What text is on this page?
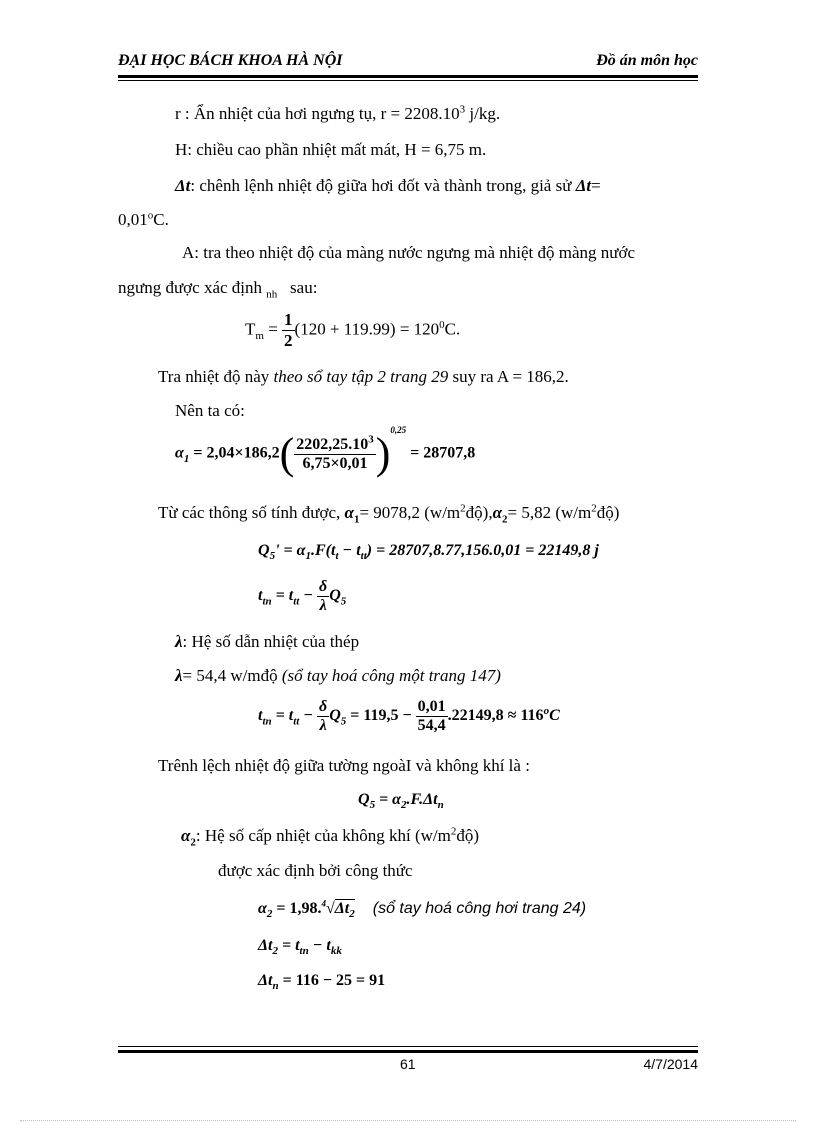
ĐẠI HỌC BÁCH KHOA HÀ NỘI	Đồ án môn học
r : Ẩn nhiệt của hơi ngưng tụ, $r = 2208.10^3$ j/kg.
H: chiều cao phần nhiệt mất mát, H = 6,75 m.
Δt: chênh lệnh nhiệt độ giữa hơi đốt và thành trong, giả sử Δt=
$0,01^oC$.
A: tra theo nhiệt độ của màng nước ngưng mà nhiệt độ màng nước
ngưng được xác định $_{nh}$ sau:
$T_m = \frac{1}{2} (120 + 119.99) = 120^0C$.
Tra nhiệt độ này theo sổ tay tập 2 trang 29 suy ra A = 186,2.
Nên ta có:
$\alpha_1 = 2,04\times 186,2( \frac{2202,25.10^3}{6,75\times 0,01} )^{0,25} = 28707,8$
Từ các thông số tính được, $\alpha_1= 9078,2$ $(w/m^2độ),\alpha_2= 5,82$ $(w/m^2độ)$
$Q_5' = \alpha_1.F(t_t - t_{tt}) = 28707,8.77,156.0,01 = 22149,8$ j
$t_{tn} = t_{tt} - \frac{\delta}{\lambda} Q_5$
λ: Hệ số dẫn nhiệt của thép
λ= 54,4 w/mđộ (sổ tay hoá công một trang 147)
$t_{tn} = t_{tt} - \frac{\delta}{\lambda} Q_5 = 119,5 - \frac{0,01}{54,4} .22149,8 \approx 116^oC$
Trênh lệch nhiệt độ giữa tường ngoàI và không khí là :
$Q_5 = \alpha_2.F.\Delta t_n$
$\alpha_2$: Hệ số cấp nhiệt của không khí $(w/m^2độ)$
được xác định bởi công thức
$\alpha_2 = 1,98.^4√\Delta t_2$ (sổ tay hoá công hơi trang 24)
$\Delta t_2 = t_{tn} - t_{kk}$
$\Delta t_n = 116 - 25 = 91$
61	4/7/2014
